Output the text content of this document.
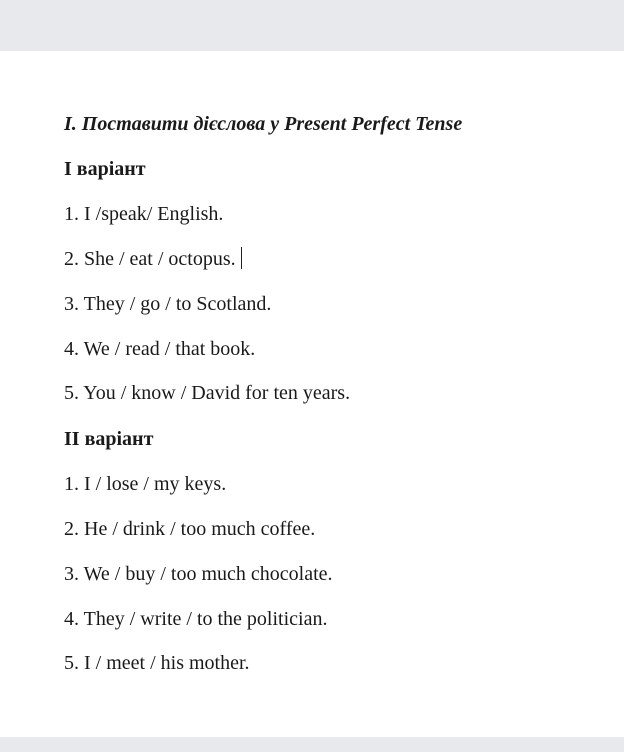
I. Поставити дієслова у Present Perfect Tense
I варіант
1. I /speak/ English.
2. She / eat / octopus.
3. They / go / to Scotland.
4. We / read / that book.
5. You / know / David for ten years.
II варіант
1. I / lose / my keys.
2. He / drink / too much coffee.
3. We / buy / too much chocolate.
4. They / write / to the politician.
5. I / meet / his mother.
